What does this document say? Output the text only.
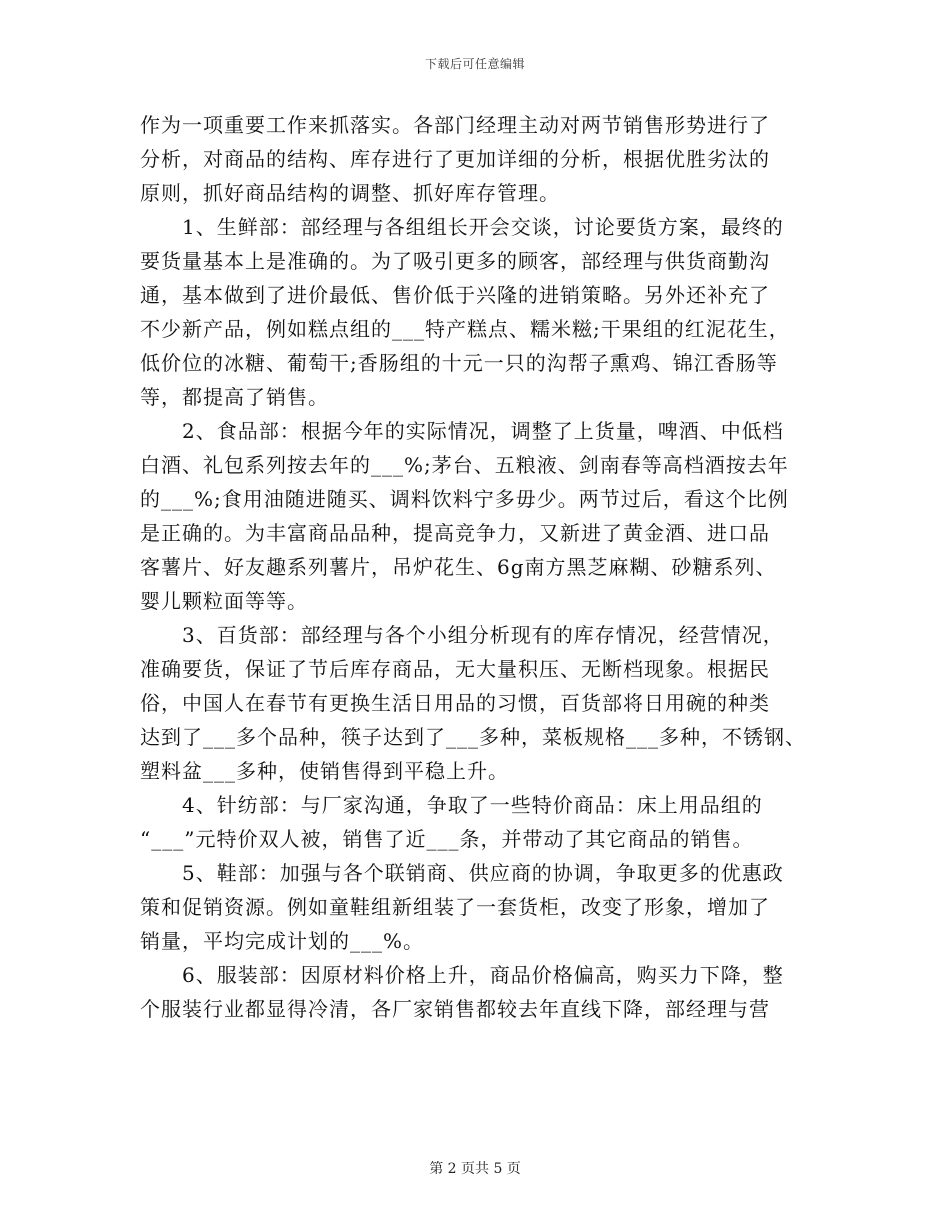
下载后可任意编辑
作为一项重要工作来抓落实。各部门经理主动对两节销售形势进行了
分析，对商品的结构、库存进行了更加详细的分析，根据优胜劣汰的
原则，抓好商品结构的调整、抓好库存管理。
1、生鲜部：部经理与各组组长开会交谈，讨论要货方案，最终的
要货量基本上是准确的。为了吸引更多的顾客，部经理与供货商勤沟
通，基本做到了进价最低、售价低于兴隆的进销策略。另外还补充了
不少新产品，例如糕点组的___特产糕点、糯米糍;干果组的红泥花生，
低价位的冰糖、葡萄干;香肠组的十元一只的沟帮子熏鸡、锦江香肠等
等，都提高了销售。
2、食品部：根据今年的实际情况，调整了上货量，啤酒、中低档
白酒、礼包系列按去年的___%;茅台、五粮液、剑南春等高档酒按去年
的___%;食用油随进随买、调料饮料宁多毋少。两节过后，看这个比例
是正确的。为丰富商品品种，提高竞争力，又新进了黄金酒、进口品
客薯片、好友趣系列薯片，吊炉花生、6g南方黑芝麻糊、砂糖系列、
婴儿颗粒面等等。
3、百货部：部经理与各个小组分析现有的库存情况，经营情况，
准确要货，保证了节后库存商品，无大量积压、无断档现象。根据民
俗，中国人在春节有更换生活日用品的习惯，百货部将日用碗的种类
达到了___多个品种，筷子达到了___多种，菜板规格___多种，不锈钢、
塑料盆___多种，使销售得到平稳上升。
4、针纺部：与厂家沟通，争取了一些特价商品：床上用品组的
“___”元特价双人被，销售了近___条，并带动了其它商品的销售。
5、鞋部：加强与各个联销商、供应商的协调，争取更多的优惠政
策和促销资源。例如童鞋组新组装了一套货柜，改变了形象，增加了
销量，平均完成计划的___%。
6、服装部：因原材料价格上升，商品价格偏高，购买力下降，整
个服装行业都显得冷清，各厂家销售都较去年直线下降，部经理与营
第 2 页共 5 页
